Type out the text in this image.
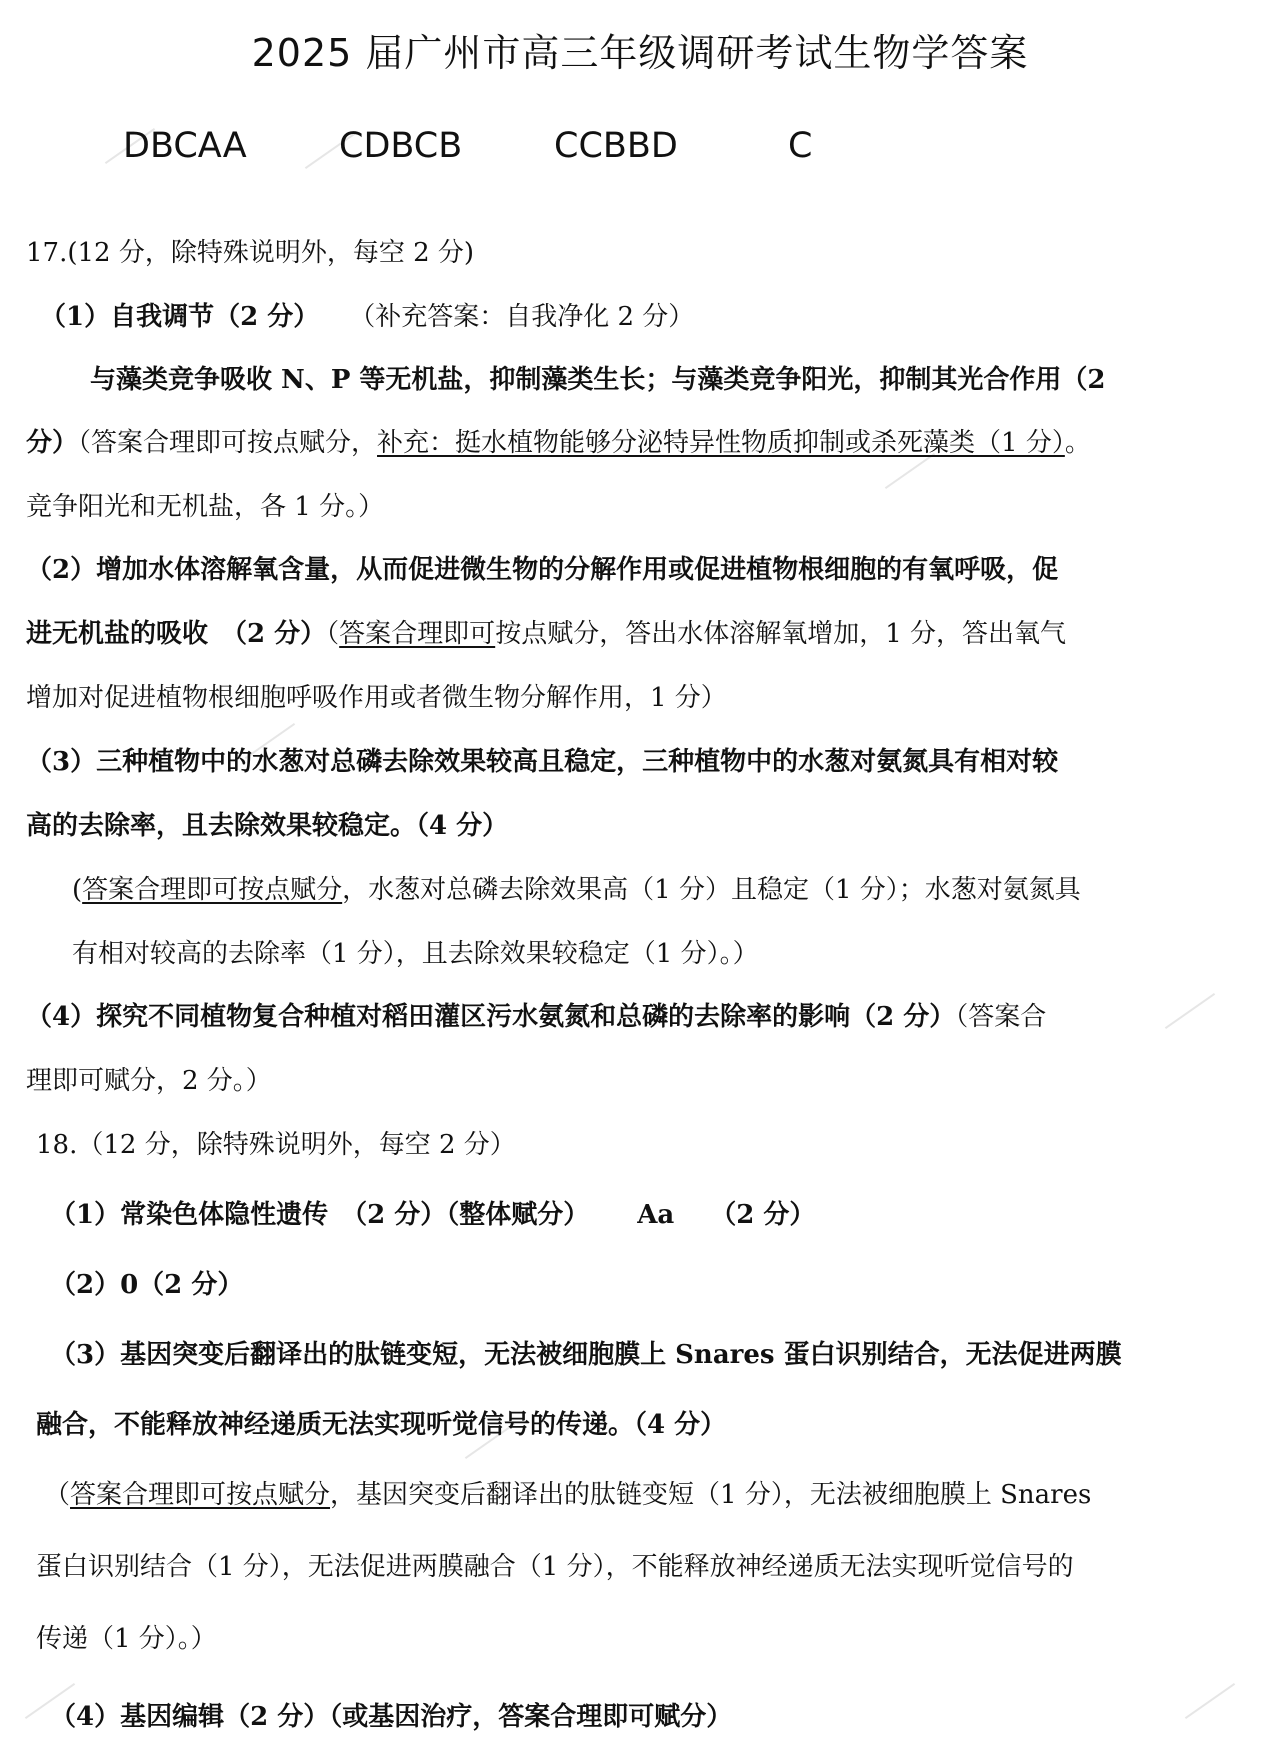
2025 届广州市高三年级调研考试生物学答案
DBCAA	CDBCB	CCBBD	C
17.(12 分，除特殊说明外，每空 2 分)
（1）自我调节（2 分） （补充答案：自我净化 2 分）
与藻类竞争吸收 N、P 等无机盐，抑制藻类生长；与藻类竞争阳光，抑制其光合作用（2
分）（答案合理即可按点赋分，补充：挺水植物能够分泌特异性物质抑制或杀死藻类（1 分）。
竞争阳光和无机盐，各 1 分。）
（2）增加水体溶解氧含量，从而促进微生物的分解作用或促进植物根细胞的有氧呼吸，促
进无机盐的吸收　（2 分）（答案合理即可按点赋分，答出水体溶解氧增加，1 分，答出氧气
增加对促进植物根细胞呼吸作用或者微生物分解作用，1 分）
（3）三种植物中的水葱对总磷去除效果较高且稳定，三种植物中的水葱对氨氮具有相对较
高的去除率，且去除效果较稳定。（4 分）
(答案合理即可按点赋分，水葱对总磷去除效果高（1 分）且稳定（1 分）；水葱对氨氮具
有相对较高的去除率（1 分），且去除效果较稳定（1 分）。）
（4）探究不同植物复合种植对稻田灌区污水氨氮和总磷的去除率的影响（2 分）（答案合
理即可赋分，2 分。）
18.（12 分，除特殊说明外，每空 2 分）
（1）常染色体隐性遗传　（2 分）（整体赋分） Aa （2 分）
（2）0（2 分）
（3）基因突变后翻译出的肽链变短，无法被细胞膜上 Snares 蛋白识别结合，无法促进两膜
融合，不能释放神经递质无法实现听觉信号的传递。（4 分）
（答案合理即可按点赋分，基因突变后翻译出的肽链变短（1 分），无法被细胞膜上 Snares
蛋白识别结合（1 分），无法促进两膜融合（1 分），不能释放神经递质无法实现听觉信号的
传递（1 分）。）
（4）基因编辑（2 分）（或基因治疗，答案合理即可赋分）
